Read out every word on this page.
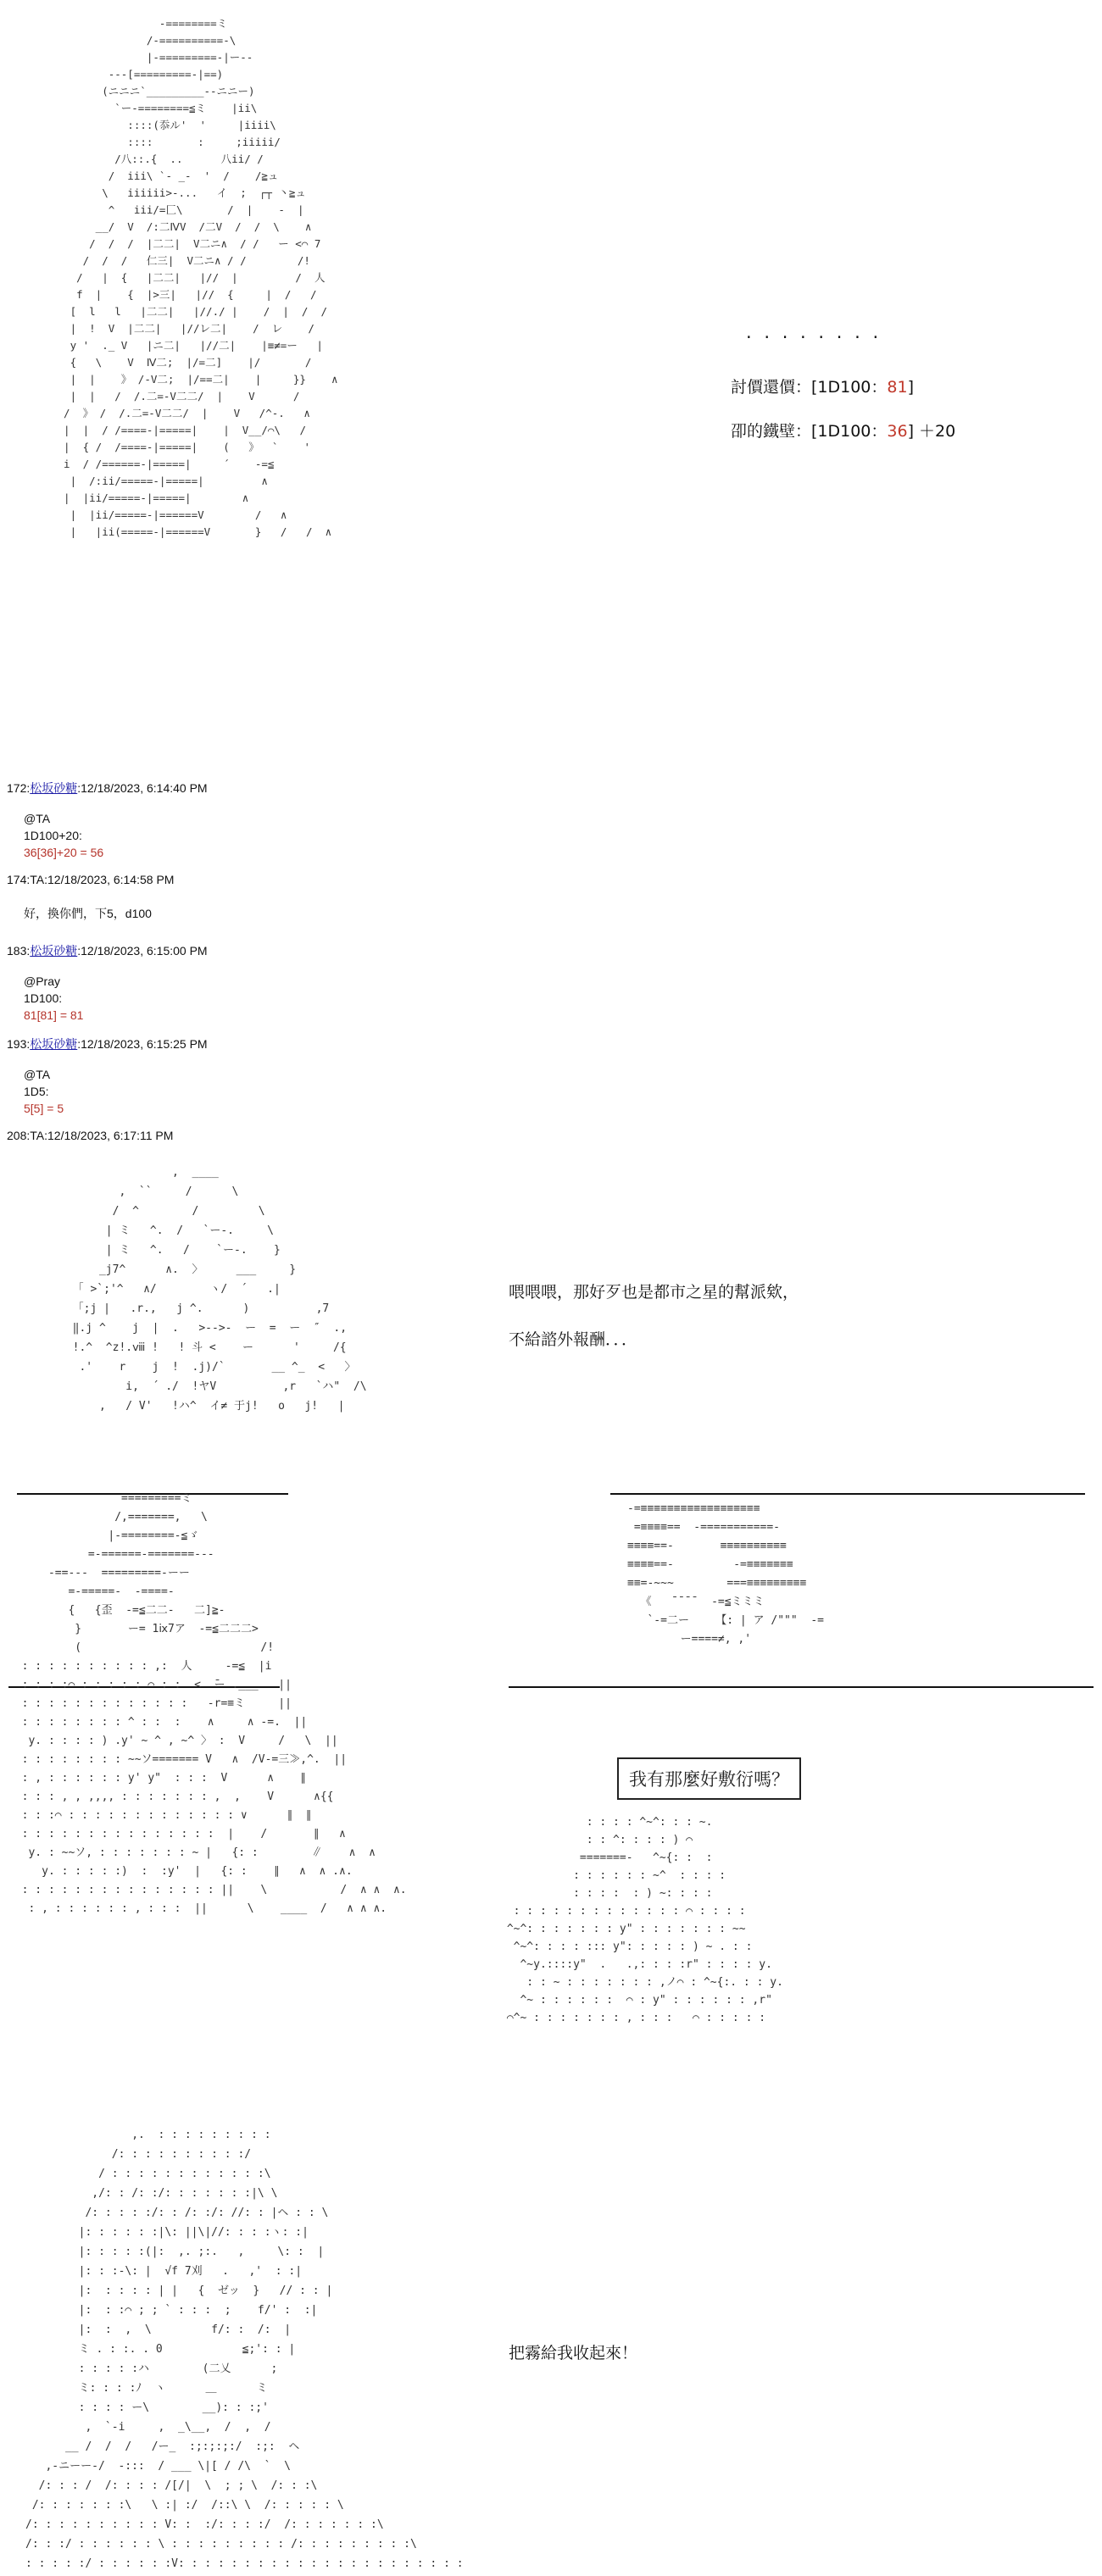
-========ミ
/-==========-\
|-=========-|ー--
---[=========-|==)
(ニニニ`_________--ニニー)
`ー-========≦ミ    |ii\
::::(忝ル'  '     |iiii\
::::       :     ;iiiii/
/八::.{  ..      八ii/ /
/  iii\ `- _-  '  /    /≧ュ
\   iiiiii>-...   イ  ;  ┌┬ 丶≧ュ
^   iii/=匚\       /  |    -  |
__/  V  /:二ⅣV  /二V  /  /  \    ∧
/  /  /  |二二|  V二ニ∧  / /   ー <⌒ 7
/  /  /   仁三|  V二ニ∧ / /        /!
/   |  {   |二二|   |//  |         /  人
f  |    {  |>三|   |//  {     |  /   /
[  l   l   |二二|   |//./ |    /  |  /  /
|  !  V  |二二|   |//レ二|    /  レ    /
y '  ._ V   |ニ二|   |//二|    |≡≠=ー   |
{   \    V  Ⅳ二;  |/=二]    |/       /
|  |    》 /-V二;  |/==二|    |     }}    ∧
|  |   /  /.二=-V二二/  |    V      /
/  》 /  /.二=-V二二/  |    V   /^-.   ∧
|  |  / /====-|=====|    |  V__/⌒\   /
|  { /  /====-|=====|    (   》  `    '
i  / /======-|=====|     ´    -=≦
|  /:ii/=====-|=====|         ∧
|  |ii/=====-|=====|        ∧
|  |ii/=====-|======V        /   ∧
|   |ii(=====-|======V       }   /   /  ∧
. . . . . . . .
討價還價：[1D100：81]
卲的鐵壁：[1D100：36] ＋20
172:松坂砂糖:12/18/2023, 6:14:40 PM
@TA
1D100+20:
36[36]+20 = 56
174:TA:12/18/2023, 6:14:58 PM
好，換你們，下5，d100
183:松坂砂糖:12/18/2023, 6:15:00 PM
@Pray
1D100:
81[81] = 81
193:松坂砂糖:12/18/2023, 6:15:25 PM
@TA
1D5:
5[5] = 5
208:TA:12/18/2023, 6:17:11 PM
,  ____
,  ``     /      \
/  ^        /         \
| ミ   ^.  /   `ー-.     \
| ミ   ^.   /    `ー-.    }
_j7^      ∧.  〉     ___     }
「 >`;'^   ∧/        ヽ/  ´   .|
「;j |   .r.,   j ^.      )          ,7
‖.j ^    j  |  .   >-->-  ー  =  ー  ″  .,
!.^  ^z!.ⅷ !   ! 斗 <    ー      '     /{
.'    r    j  !  .j)/`       __ ^_  <   〉
i,  ´ ./  !ヤV          ,r   `ハ"  /\
,   / V'   !ハ^  イ≠ 于j!   o   j!   |
喂喂喂，那好歹也是都市之星的幫派欸，
不給諮外報酬．．．
=========ミ
/,=======,   \
|-========-≦ゞ
=-======-=======---
-==---  =========-ーー
=-=====-  -====-
{   {歪  -=≦二二-   二]≧-
}       ー= 1ⅸ7ア  -=≦二二二>
(                           /!
: : : : : : : : : : ,:  人     -=≦  |i
: : : :⌒ : : : : : ⌒ : :  <  ̄ー .___   ||
: : : : : : : : : : : : :   ‐r=≡ミ     ||
: : : : : : : : ^ : :  :    ∧     ∧ -=.  ||
y. : : : : ) .y' ~ ^ , ~^ 〉 :  V     /   \  ||
: : : : : : : : ~~ソ======= V   ∧  /V-=三≫,^.  ||
: , : : : : : : y' y"  : : :  V      ∧    ∥
: : : , , ,,,, : : : : : : : ,  ,    V      ∧{{
: : :⌒ : : : : : : : : : : : : : ∨      ∥  ∥
: : : : : : : : : : : : : : :  |    /       ∥   ∧
y. : ~~ソ, : : : : : : : ~ |   {: :        ∥    ∧  ∧
y. : : : : :)  :  :y'  |   {: :    ∥   ∧  ∧ .∧.
: : : : : : : : : : : : : : : ||    \           /  ∧ ∧  ∧.
: , : : : : : : , : : :  ||      \    ____  /   ∧ ∧ ∧.
-=≡≡≡≡≡≡≡≡≡≡≡≡≡≡≡≡≡≡
=≡≡≡≡==  -===========-
≡≡≡≡==-       ≡≡≡≡≡≡≡≡≡≡
≡≡≡≡==-         -=≡≡≡≡≡≡≡
≡≡=-~~~        ===≡≡≡≡≡≡≡≡≡
《   ̄ ̄ ̄ ̄   -=≦ミミミ
`-=二ー    【: | ア /"""  -=
ー====≠, ,'
: : : : ^~^: : : ~.
: : ^: : : : ) ⌒
=======-   ^~{: :  :
: : : : : : ~^  : : : :
: : : :  : ) ~: : : :
: : : : : : : : : : : : : ⌒ : : : :
^~^: : : : : : : y" : : : : : : : ~~
^~^: : : : ::: y": : : : : ) ~ . : :
^~y.::::y"  .   .,: : : :r" : : : : y.
: : ~ : : : : : : : ,ノ⌒ : ^~{:. : : y.
^~ : : : : : :  ⌒ : y" : : : : : : ,r"
⌒^~ : : : : : : : , : : :   ⌒ : : : : :
我有那麼好敷衍嗎？
,.  : : : : : : : : :
/: : : : : : : : : :/
/ : : : : : : : : : : : :\
,/: : /: :/: : : : : : :|\ \
/: : : : :/: : /: :/: //: : |ヘ : : \
|: : : : : :|\: ||\|//: : : :ヽ: :|
|: : : : :(|:  ,. ;:.   ,     \: :  |
|: : :-\: |  √f 7刈   .   ,'  : :|
|:  : : : : | |   {  ゼッ  }   // : : |
|:  : :⌒ ; ; ` : : :  ;    f/' :  :|
|:  :  ,  \         f/: :  /:  |
ミ . : :. . 0            ≦;': : |
: : : : :ハ        (二乂      ;
ミ: : : :ﾉ  ヽ      ＿      ミ
: : : : ー\        __): : :;'
,  `-i     ,  _\__,  /  ,  /
__ /  /  /   /ー_  :;:;:;:/  :;:  ヘ
,-ニーー‐/  -:::  / ___ \|[ / /\  `  \
/: : : /  /: : : : /[/|  \  ; ; \  /: : :\
/: : : : : : :\   \ :| :/  /::\ \  /: : : : : \
/: : : : : : : : : : V: :  :/: : : :/  /: : : : : : :\
/: : :/ : : : : : : \ : : : : : : : : : /: : : : : : : : :\
: : : : :/ : : : : : :V: : : : : : : : : : : : : : : : : : : : : :
把霧給我收起來！
